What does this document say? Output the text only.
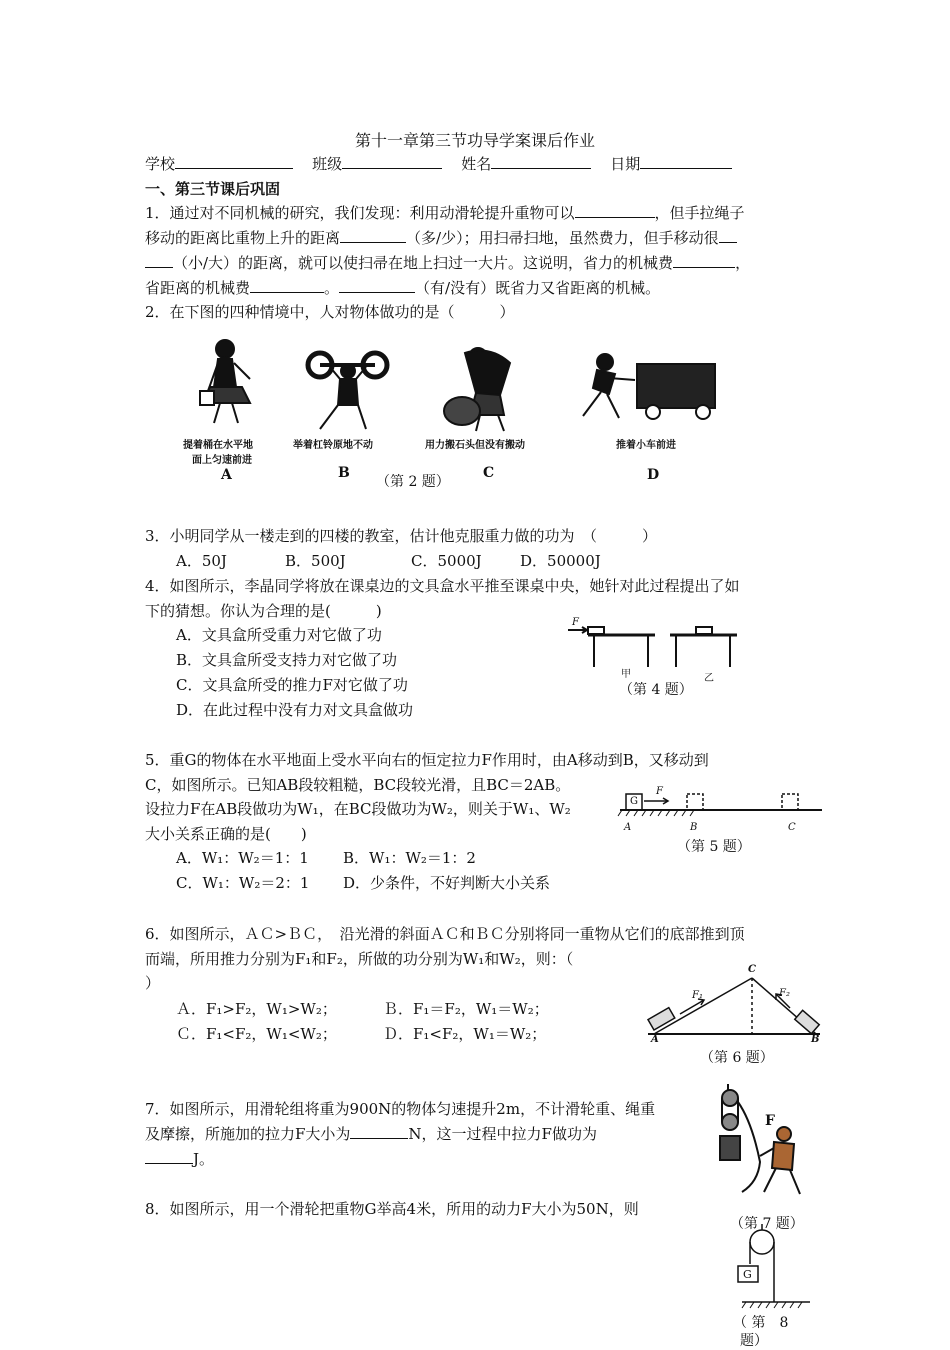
第十一章第三节功导学案课后作业
学校	班级	姓名	日期
一、第三节课后巩固
1．通过对不同机械的研究，我们发现：利用动滑轮提升重物可以	，但手拉绳子
移动的距离比重物上升的距离	（多/少）；用扫帚扫地，虽然费力，但手移动很
（小/大）的距离，就可以使扫帚在地上扫过一大片。这说明，省力的机械费	，
省距离的机械费	。	（有/没有）既省力又省距离的机械。
2．在下图的四种情境中，人对物体做功的是（　　　）
提着桶在水平地
面上匀速前进
举着杠铃原地不动	用力搬石头但没有搬动	推着小车前进
A	B	C	D
（第 2 题）
3．小明同学从一楼走到的四楼的教室，估计他克服重力做的功为　（　　　）
A．50J	B．500J	C．5000J	D．50000J
4．如图所示，李晶同学将放在课桌边的文具盒水平推至课桌中央，她针对此过程提出了如
下的猜想。你认为合理的是(　　　)
A．文具盒所受重力对它做了功
B．文具盒所受支持力对它做了功
C．文具盒所受的推力F对它做了功
D．在此过程中没有力对文具盒做功
F
甲	乙
（第 4 题）
5．重G的物体在水平地面上受水平向右的恒定拉力F作用时，由A移动到B，又移动到
C，如图所示。已知AB段较粗糙，BC段较光滑，且BC＝2AB。
设拉力F在AB段做功为W₁，在BC段做功为W₂，则关于W₁、W₂
大小关系正确的是(　　)
A．W₁：W₂＝1：1 B．W₁：W₂＝1：2
C．W₁：W₂＝2：1 D．少条件，不好判断大小关系
G
F
A	B	C
（第 5 题）
6．如图所示，ＡＣ>ＢＣ，　沿光滑的斜面ＡＣ和ＢＣ分别将同一重物从它们的底部推到顶
而端，所用推力分别为F₁和F₂，所做的功分别为W₁和W₂，则：（
）
Ａ．F₁>F₂，W₁>W₂；	Ｂ．F₁＝F₂，W₁＝W₂；
Ｃ．F₁<F₂，W₁<W₂；	Ｄ．F₁<F₂，W₁＝W₂；
C
A	B
F₁	F₂
（第 6 题）
7．如图所示，用滑轮组将重为900N的物体匀速提升2m，不计滑轮重、绳重
及摩擦，所施加的拉力F大小为	N，这一过程中拉力F做功为
J。
F
（第 7 题）
8．如图所示，用一个滑轮把重物G举高4米，所用的动力F大小为50N，则
G
（ 第　8
题）
